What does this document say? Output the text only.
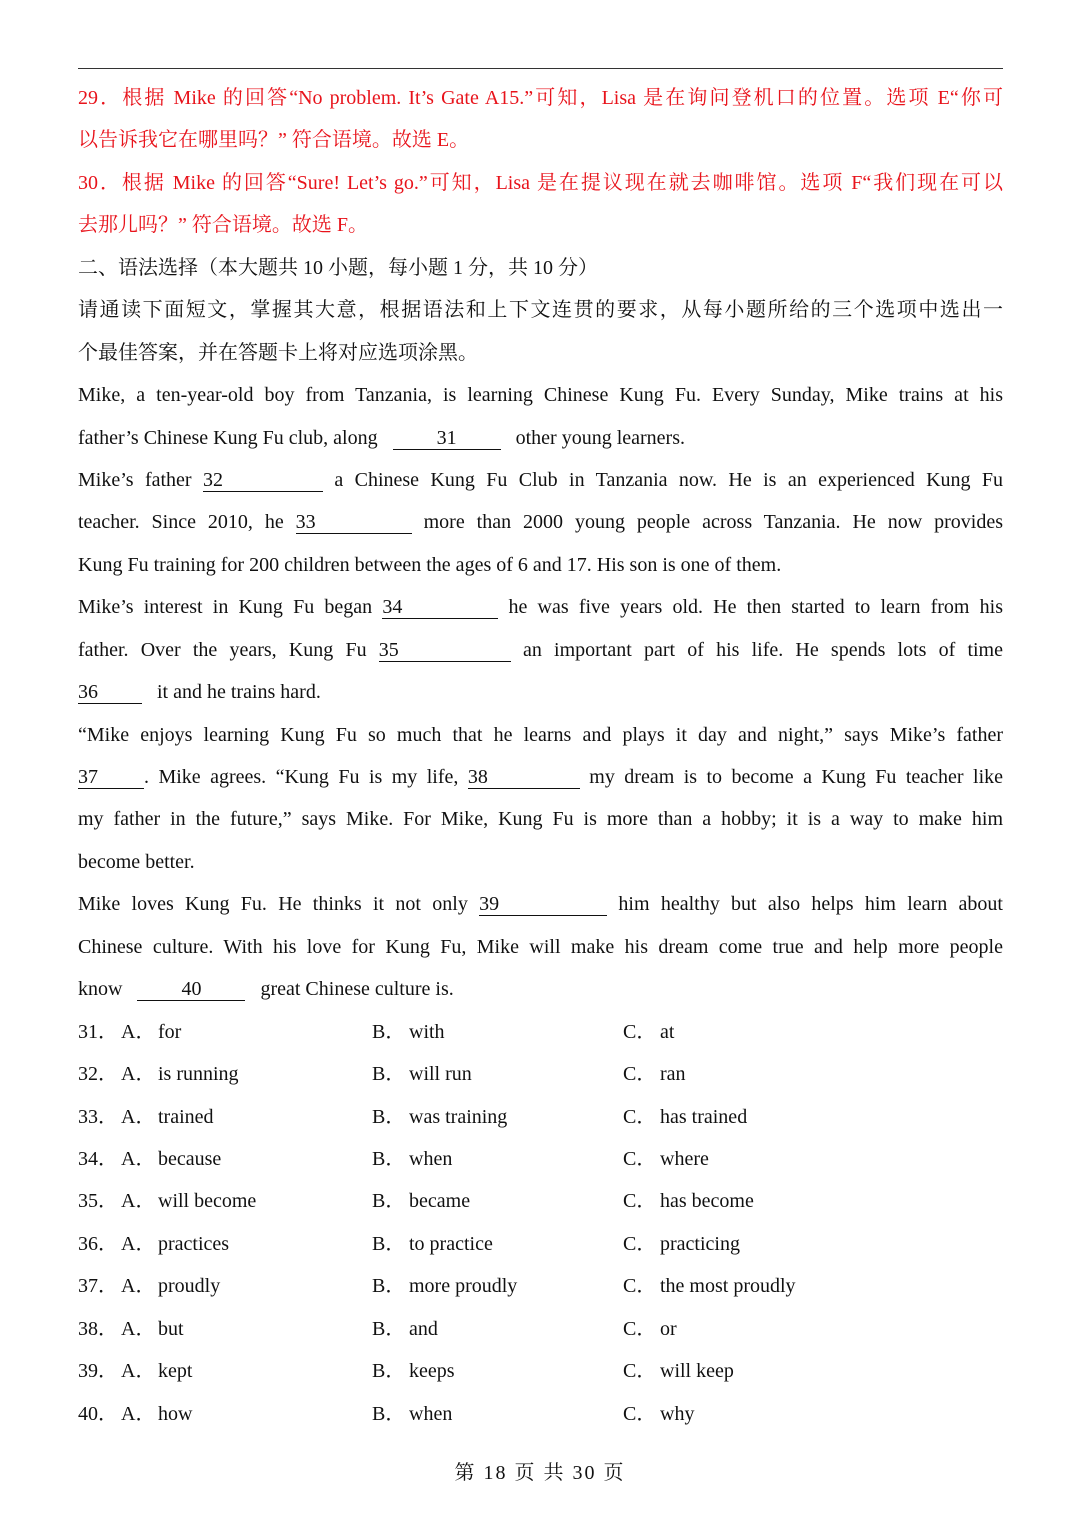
29．根据 Mike 的回答“No problem. It’s Gate A15.”可知，Lisa 是在询问登机口的位置。选项 E“你可
以告诉我它在哪里吗？” 符合语境。故选 E。
30．根据 Mike 的回答“Sure! Let’s go.”可知，Lisa 是在提议现在就去咖啡馆。选项 F“我们现在可以
去那儿吗？” 符合语境。故选 F。
二、语法选择（本大题共 10 小题，每小题 1 分，共 10 分）
请通读下面短文，掌握其大意，根据语法和上下文连贯的要求，从每小题所给的三个选项中选出一
个最佳答案，并在答题卡上将对应选项涂黑。
Mike, a ten-year-old boy from Tanzania, is learning Chinese Kung Fu. Every Sunday, Mike trains at his
father’s Chinese Kung Fu club, along	31	other young learners.
Mike’s father 32	a Chinese Kung Fu Club in Tanzania now. He is an experienced Kung Fu
teacher. Since 2010, he 33	more than 2000 young people across Tanzania. He now provides
Kung Fu training for 200 children between the ages of 6 and 17. His son is one of them.
Mike’s interest in Kung Fu began 34	he was five years old. He then started to learn from his
father. Over the years, Kung Fu 35	an important part of his life. He spends lots of time
36	it and he trains hard.
“Mike enjoys learning Kung Fu so much that he learns and plays it day and night,” says Mike’s father
37 . Mike agrees. “Kung Fu is my life, 38	my dream is to become a Kung Fu teacher like
my father in the future,” says Mike. For Mike, Kung Fu is more than a hobby; it is a way to make him
become better.
Mike loves Kung Fu. He thinks it not only 39	him healthy but also helps him learn about
Chinese culture. With his love for Kung Fu, Mike will make his dream come true and help more people
know	40	great Chinese culture is.
31． A． for	B． with	C． at
32． A． is running	B． will run	C． ran
33． A． trained	B． was training	C． has trained
34． A． because	B． when	C． where
35． A． will become	B． became	C． has become
36． A． practices	B． to practice	C． practicing
37． A． proudly	B． more proudly	C． the most proudly
38． A． but	B． and	C． or
39． A． kept	B． keeps	C． will keep
40． A． how	B． when	C． why
第 18 页 共 30 页
